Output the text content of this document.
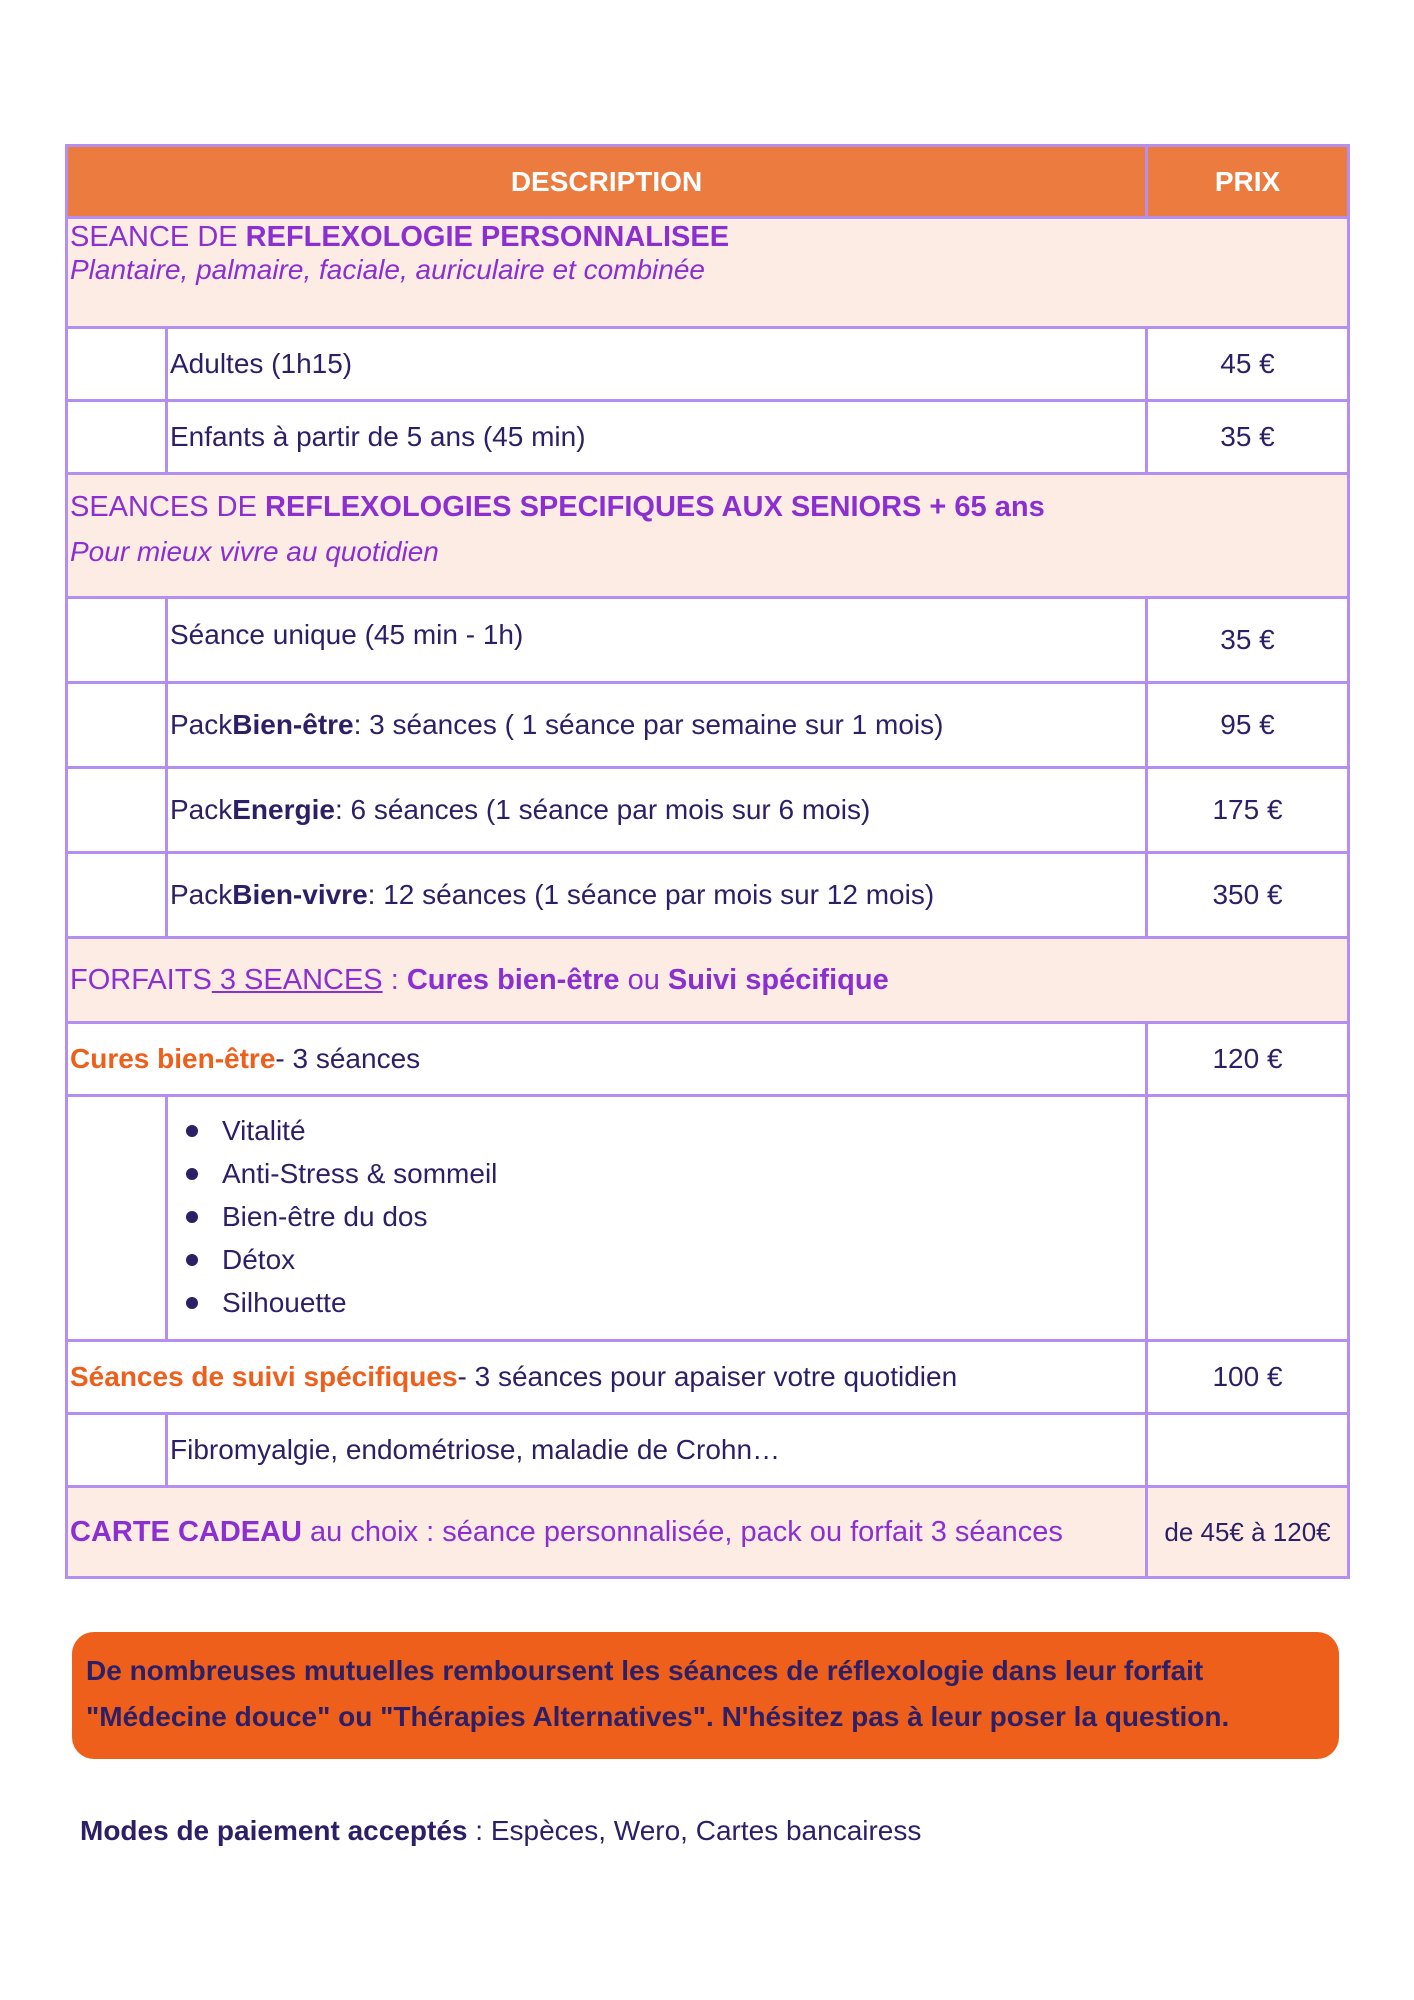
DESCRIPTION	PRIX
SEANCE DE REFLEXOLOGIE PERSONNALISEE
Plantaire, palmaire, faciale, auriculaire et combinée
Adultes (1h15)	45 €
Enfants à partir de 5 ans (45 min)	35 €
SEANCES DE REFLEXOLOGIES SPECIFIQUES AUX SENIORS + 65 ans
Pour mieux vivre au quotidien
Séance unique (45 min - 1h)	35 €
Pack Bien-être : 3 séances ( 1 séance par semaine sur 1 mois)	95 €
Pack Energie : 6 séances (1 séance par mois sur 6 mois)	175 €
Pack Bien-vivre : 12 séances (1 séance par mois sur 12 mois)	350 €
FORFAITS 3 SEANCES : Cures bien-être ou Suivi spécifique
Cures bien-être - 3 séances	120 €
Vitalité
Anti-Stress & sommeil
Bien-être du dos
Détox
Silhouette
Séances de suivi spécifiques - 3 séances pour apaiser votre quotidien	100 €
Fibromyalgie, endométriose, maladie de Crohn…
CARTE CADEAU au choix : séance personnalisée, pack ou forfait 3 séances	de 45€ à 120€
De nombreuses mutuelles remboursent les séances de réflexologie dans leur forfait
"Médecine douce" ou "Thérapies Alternatives". N'hésitez pas à leur poser la question.
Modes de paiement acceptés : Espèces, Wero, Cartes bancairess
